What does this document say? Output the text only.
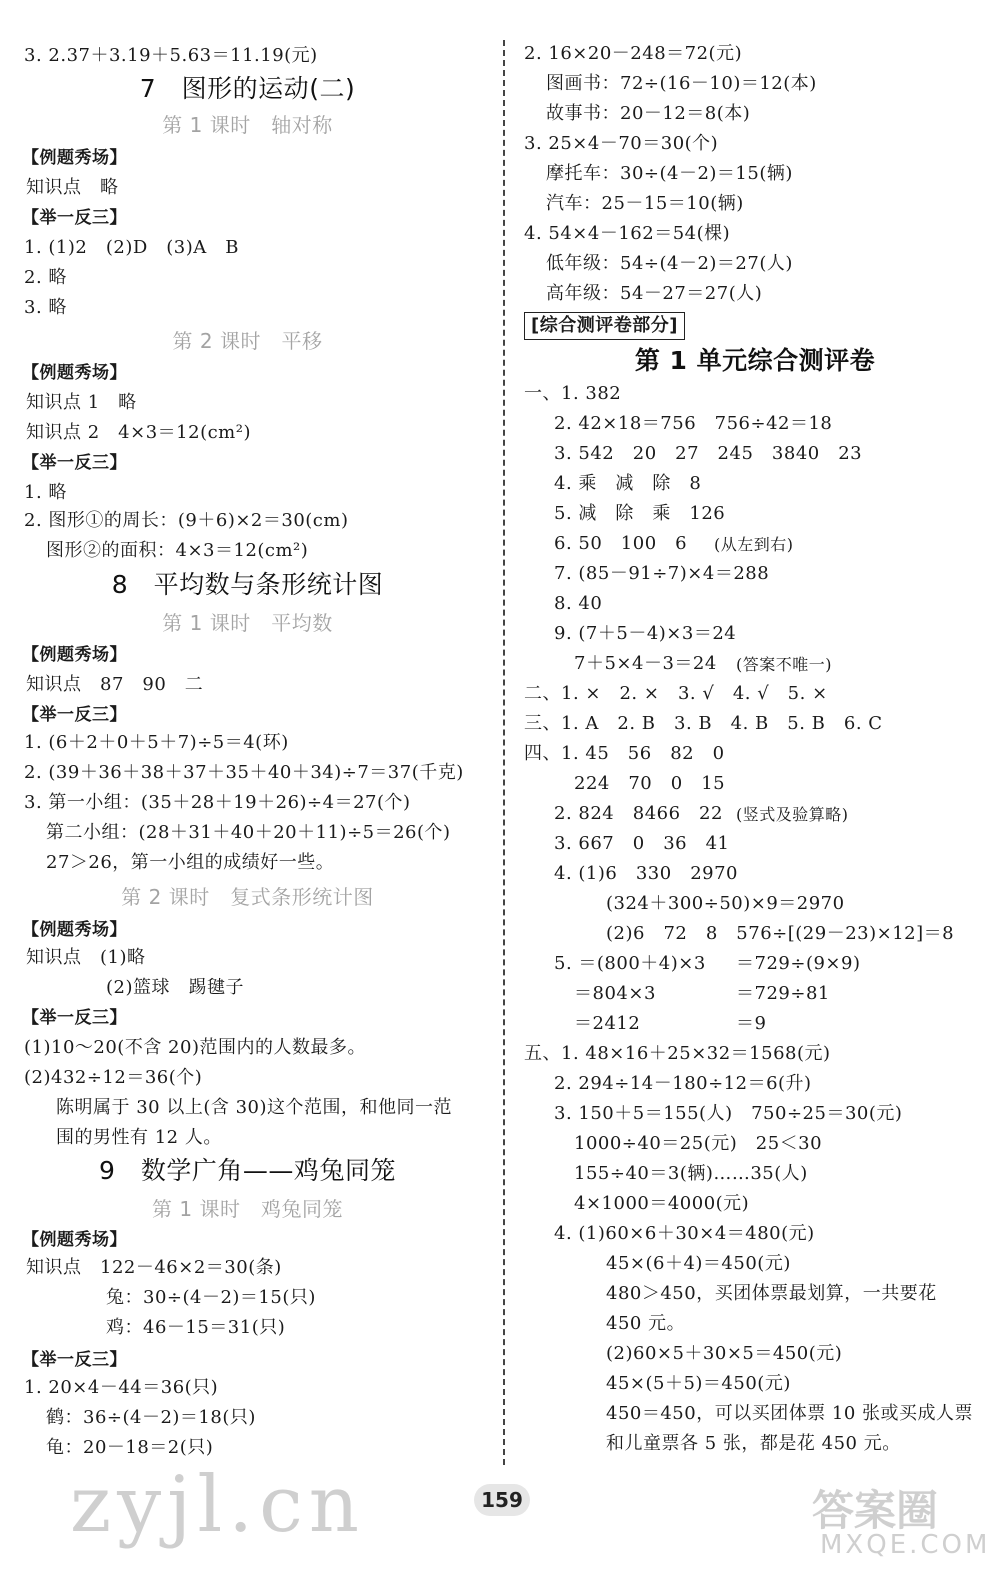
3. 2.37＋3.19＋5.63＝11.19(元)
7　图形的运动(二)
第 1 课时　轴对称
【例题秀场】
知识点　略
【举一反三】
1. (1)2　(2)D　(3)A　B
2. 略
3. 略
第 2 课时　平移
【例题秀场】
知识点 1　略
知识点 2　4×3＝12(cm²)
【举一反三】
1. 略
2. 图形①的周长：(9＋6)×2＝30(cm)
图形②的面积：4×3＝12(cm²)
8　平均数与条形统计图
第 1 课时　平均数
【例题秀场】
知识点　87　90　二
【举一反三】
1. (6＋2＋0＋5＋7)÷5＝4(环)
2. (39＋36＋38＋37＋35＋40＋34)÷7＝37(千克)
3. 第一小组：(35＋28＋19＋26)÷4＝27(个)
第二小组：(28＋31＋40＋20＋11)÷5＝26(个)
27＞26，第一小组的成绩好一些。
第 2 课时　复式条形统计图
【例题秀场】
知识点　(1)略
(2)篮球　踢毽子
【举一反三】
(1)10～20(不含 20)范围内的人数最多。
(2)432÷12＝36(个)
陈明属于 30 以上(含 30)这个范围，和他同一范
围的男性有 12 人。
9　数学广角——鸡兔同笼
第 1 课时　鸡兔同笼
【例题秀场】
知识点　122－46×2＝30(条)
兔：30÷(4－2)＝15(只)
鸡：46－15＝31(只)
【举一反三】
1. 20×4－44＝36(只)
鹤：36÷(4－2)＝18(只)
龟：20－18＝2(只)
2. 16×20－248＝72(元)
图画书：72÷(16－10)＝12(本)
故事书：20－12＝8(本)
3. 25×4－70＝30(个)
摩托车：30÷(4－2)＝15(辆)
汽车：25－15＝10(辆)
4. 54×4－162＝54(棵)
低年级：54÷(4－2)＝27(人)
高年级：54－27＝27(人)
[综合测评卷部分]
第 1 单元综合测评卷
一、1. 382
2. 42×18＝756　756÷42＝18
3. 542　20　27　245　3840　23
4. 乘　减　除　8
5. 减　除　乘　126
6. 50　100　6 (从左到右)
7. (85－91÷7)×4＝288
8. 40
9. (7＋5－4)×3＝24
7＋5×4－3＝24 (答案不唯一)
二、1. ×　2. ×　3. √　4. √　5. ×
三、1. A　2. B　3. B　4. B　5. B　6. C
四、1. 45　56　82　0
224　70　0　15
2. 824　8466　22 (竖式及验算略)
3. 667　0　36　41
4. (1)6　330　2970
(324＋300÷50)×9＝2970
(2)6　72　8　576÷[(29－23)×12]＝8
5. ＝(800＋4)×3 ＝729÷(9×9)
＝804×3	＝729÷81
＝2412	＝9
五、1. 48×16＋25×32＝1568(元)
2. 294÷14－180÷12＝6(升)
3. 150＋5＝155(人)　750÷25＝30(元)
1000÷40＝25(元)　25＜30
155÷40＝3(辆)……35(人)
4×1000＝4000(元)
4. (1)60×6＋30×4＝480(元)
45×(6＋4)＝450(元)
480＞450，买团体票最划算，一共要花
450 元。
(2)60×5＋30×5＝450(元)
45×(5＋5)＝450(元)
450＝450，可以买团体票 10 张或买成人票
和儿童票各 5 张，都是花 450 元。
159
zyjl.cn	答案圈
MXQE.COM
